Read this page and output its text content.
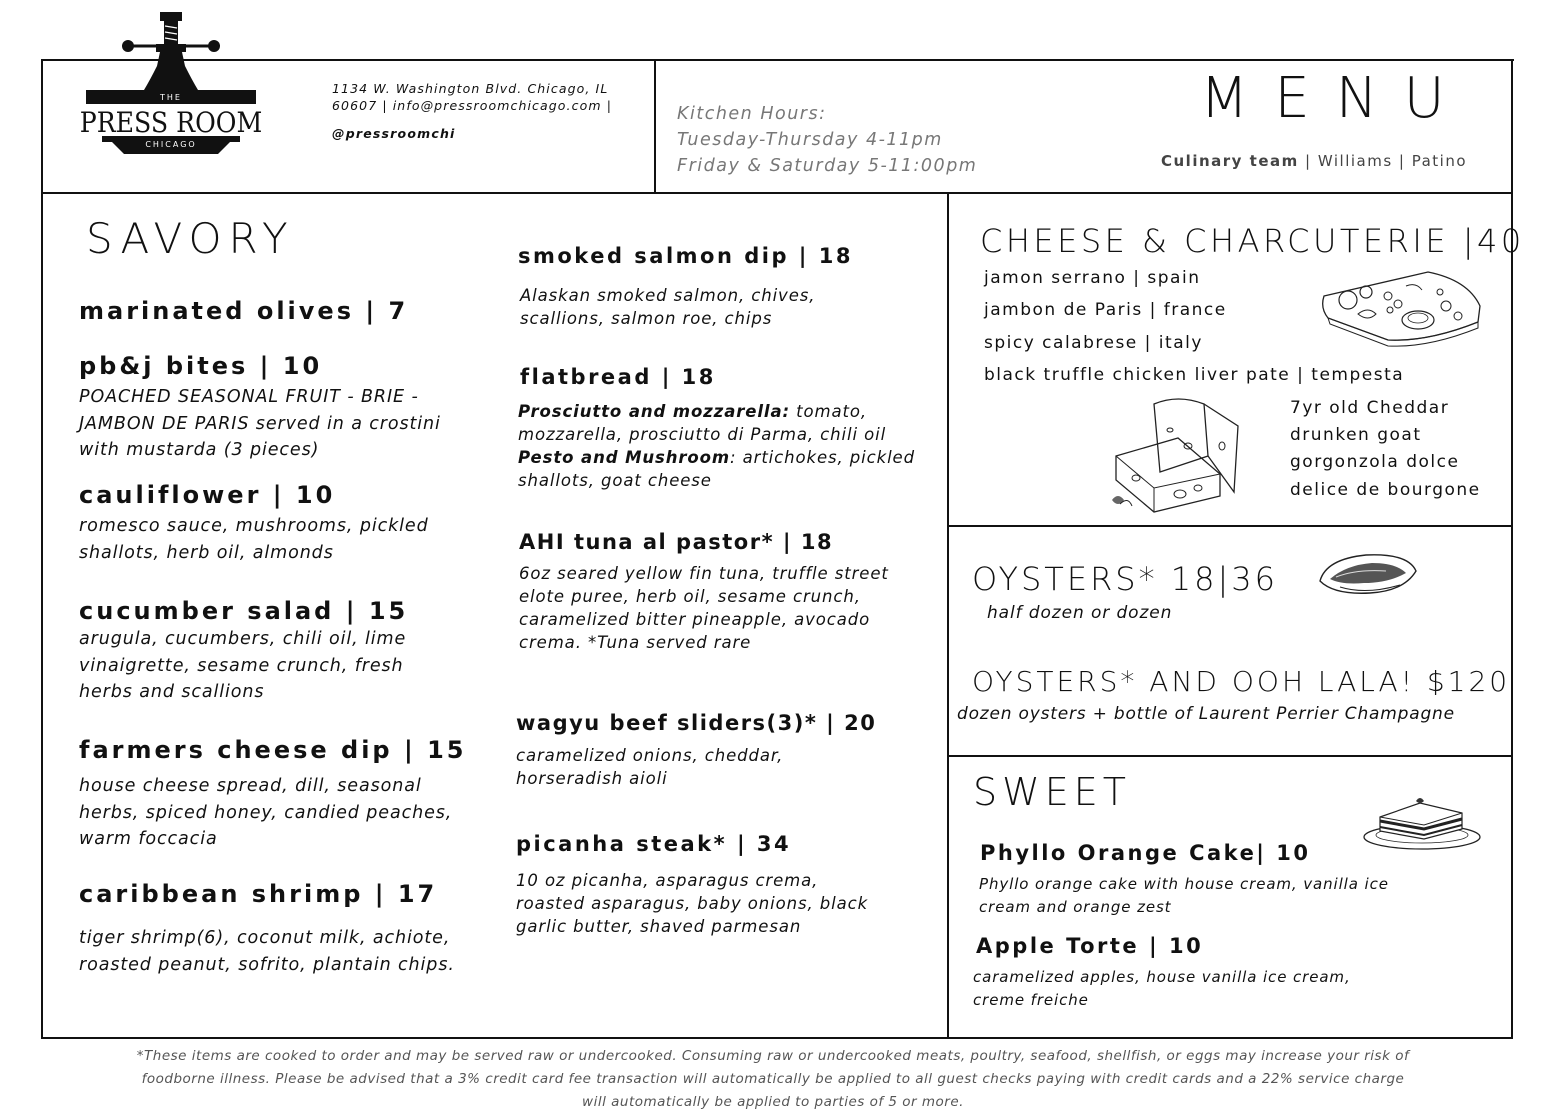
THE
PRESS ROOM
CHICAGO
1134 W. Washington Blvd. Chicago, IL
60607 | info@pressroomchicago.com |
@pressroomchi
Kitchen Hours:
Tuesday-Thursday 4-11pm
Friday & Saturday 5-11:00pm
MENU
Culinary team | Williams | Patino
SAVORY
marinated olives | 7
pb&j bites | 10
POACHED SEASONAL FRUIT - BRIE - JAMBON DE PARIS served in a crostini with mustarda (3 pieces)
cauliflower | 10
romesco sauce, mushrooms, pickled shallots, herb oil, almonds
cucumber salad | 15
arugula, cucumbers, chili oil, lime vinaigrette, sesame crunch, fresh herbs and scallions
farmers cheese dip | 15
house cheese spread, dill, seasonal herbs, spiced honey, candied peaches, warm foccacia
caribbean shrimp | 17
tiger shrimp(6), coconut milk, achiote, roasted peanut, sofrito, plantain chips.
smoked salmon dip | 18
Alaskan smoked salmon, chives, scallions, salmon roe, chips
flatbread | 18
Prosciutto and mozzarella: tomato, mozzarella, prosciutto di Parma, chili oil
Pesto and Mushroom: artichokes, pickled shallots, goat cheese
AHI tuna al pastor* | 18
6oz seared yellow fin tuna, truffle street elote puree, herb oil, sesame crunch, caramelized bitter pineapple, avocado crema. *Tuna served rare
wagyu beef sliders(3)* | 20
caramelized onions, cheddar, horseradish aioli
picanha steak* | 34
10 oz picanha, asparagus crema, roasted asparagus, baby onions, black garlic butter, shaved parmesan
CHEESE & CHARCUTERIE |40
jamon serrano | spain
jambon de Paris | france
spicy calabrese | italy
black truffle chicken liver pate | tempesta
7yr old Cheddar
drunken goat
gorgonzola dolce
delice de bourgone
OYSTERS* 18|36
half dozen or dozen
OYSTERS* AND OOH LALA! $120
dozen oysters + bottle of Laurent Perrier Champagne
SWEET
Phyllo Orange Cake| 10
Phyllo orange cake with house cream, vanilla ice cream and orange zest
Apple Torte | 10
caramelized apples, house vanilla ice cream, creme freiche
*These items are cooked to order and may be served raw or undercooked. Consuming raw or undercooked meats, poultry, seafood, shellfish, or eggs may increase your risk of
foodborne illness. Please be advised that a 3% credit card fee transaction will automatically be applied to all guest checks paying with credit cards and a 22% service charge
will automatically be applied to parties of 5 or more.
